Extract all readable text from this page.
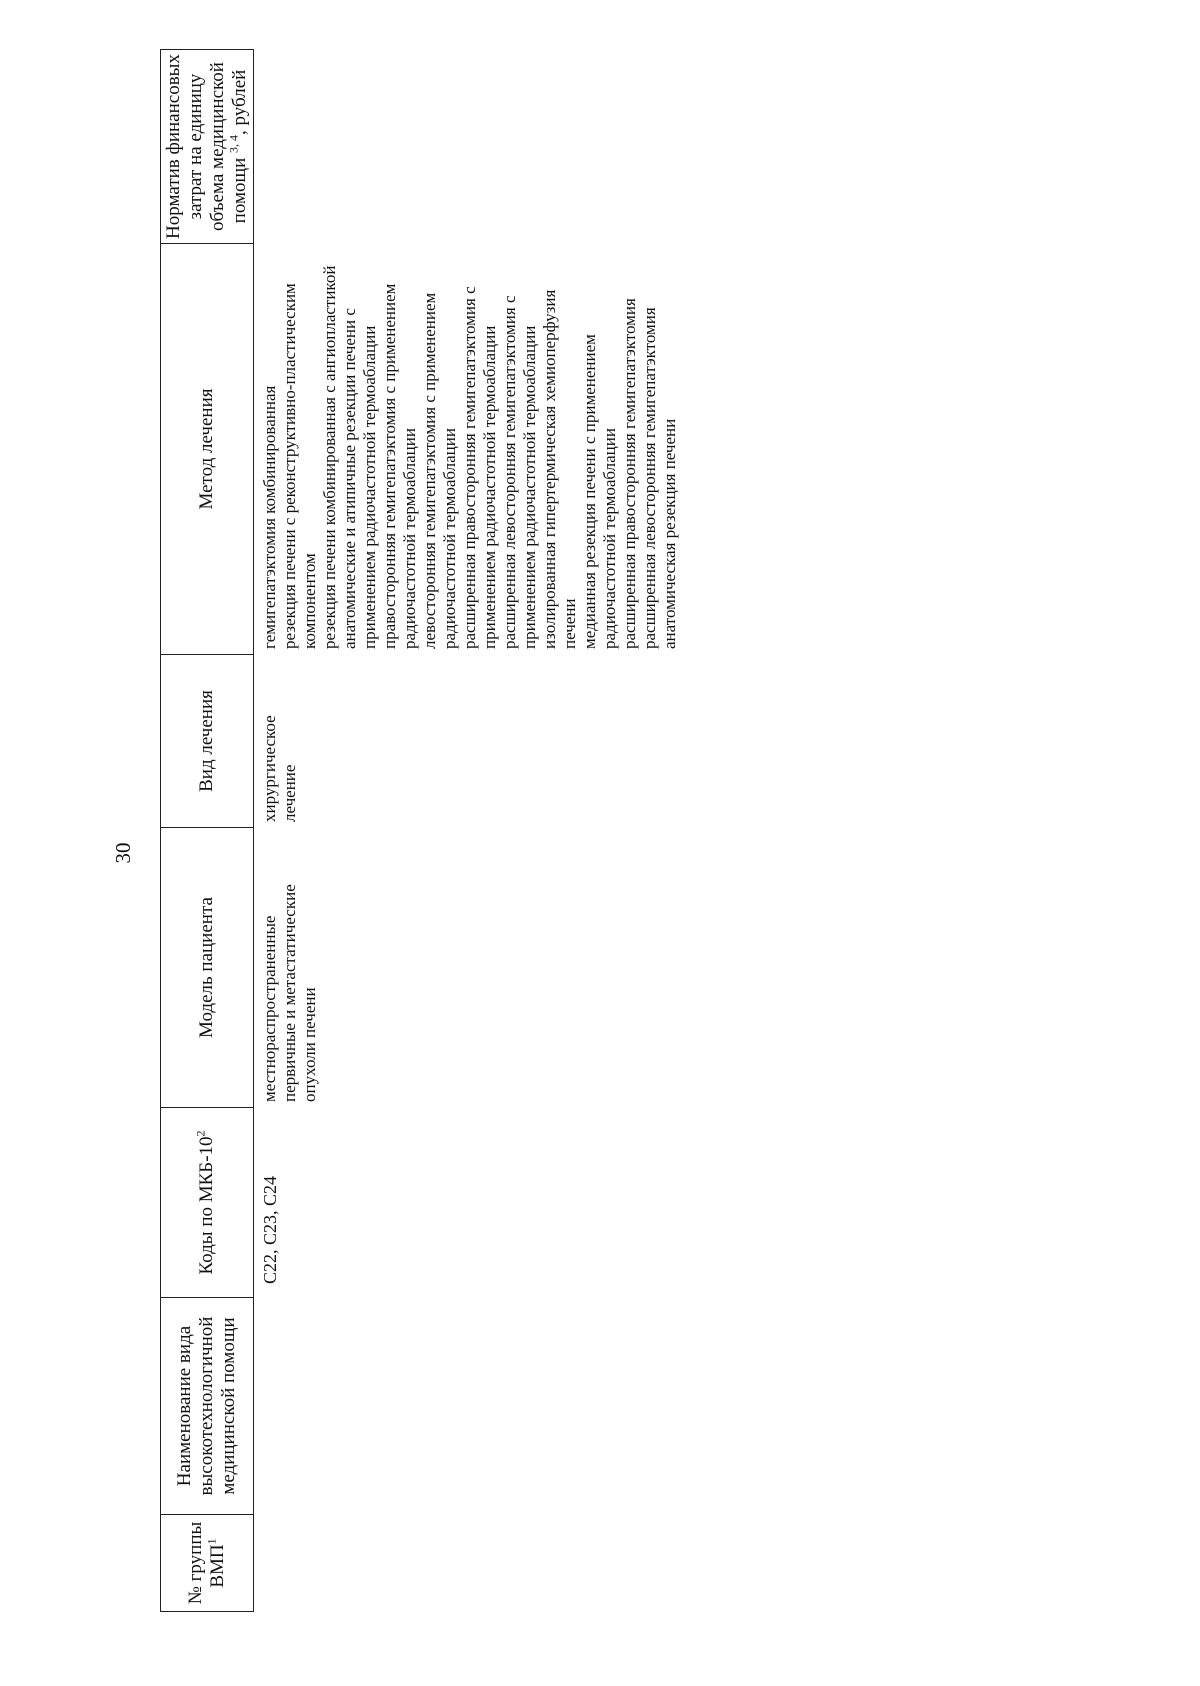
30
№ группы ВМП$^1$
Наименование вида высокотехнологичной медицинской помощи
Коды по МКБ-$10^2$
Модель пациента
Вид лечения
Метод лечения
Норматив финансовых затрат на единицу объема медицинской помощи $^{3, 4}$, рублей
C22, C23, C24
местнораспространенные первичные и метастатические опухоли печени
хирургическое лечение
гемигепатэктомия комбинированная резекция печени с реконструктивно-пластическим компонентом резекция печени комбинированная с ангиопластикой анатомические и атипичные резекции печени с применением радиочастотной термоаблации правосторонняя гемигепатэктомия с применением радиочастотной термоаблации левосторонняя гемигепатэктомия с применением радиочастотной термоаблации расширенная правосторонняя гемигепатэктомия с применением радиочастотной термоаблации расширенная левосторонняя гемигепатэктомия с применением радиочастотной термоаблации изолированная гипертермическая хемиоперфузия печени медианная резекция печени с применением радиочастотной термоаблации расширенная правосторонняя гемигепатэктомия расширенная левосторонняя гемигепатэктомия анатомическая резекция печени
